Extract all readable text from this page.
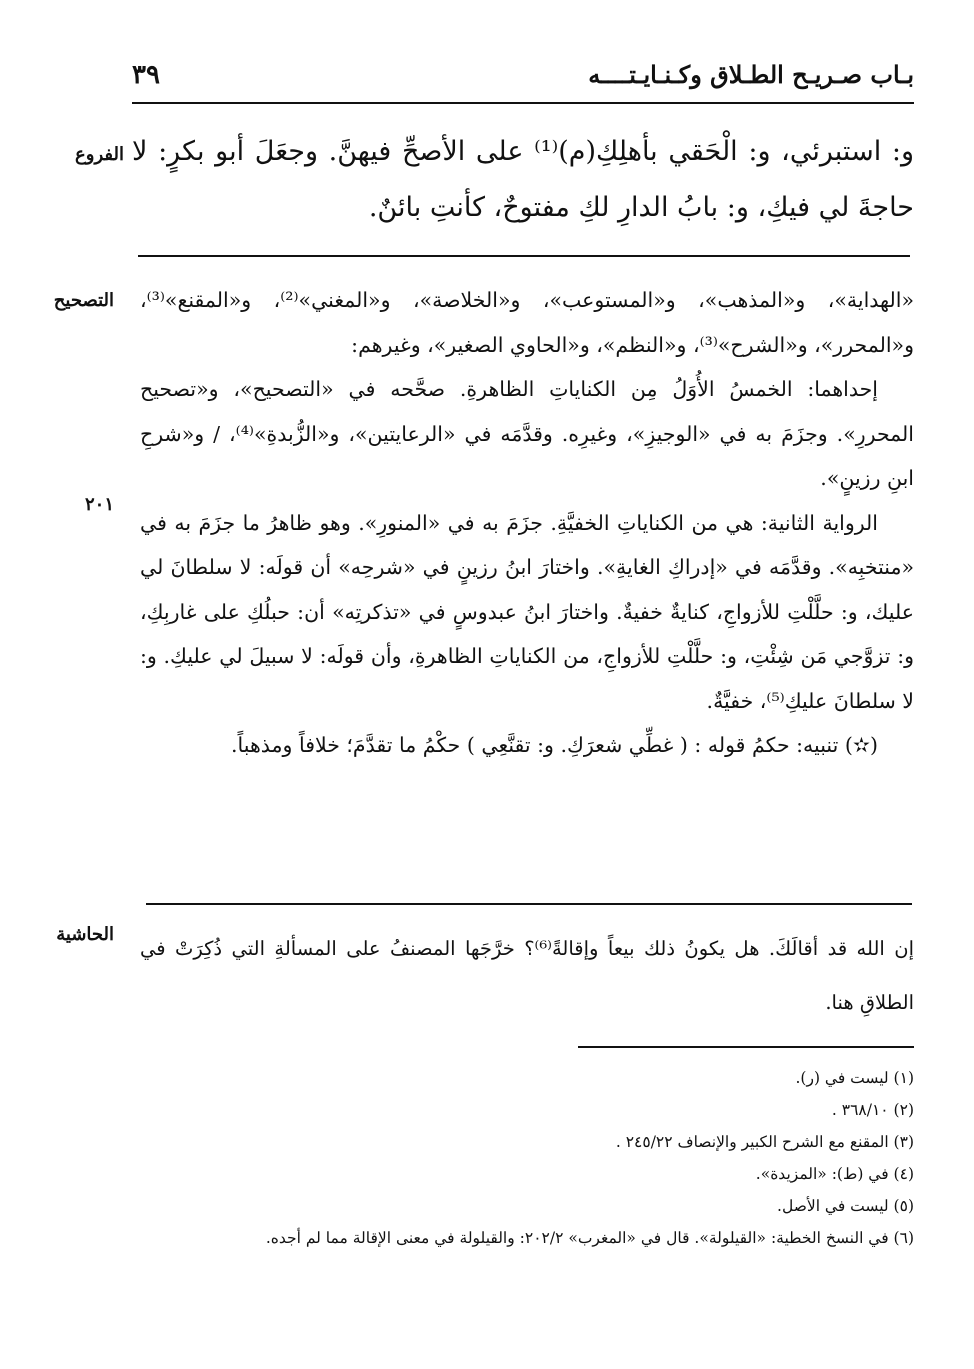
بـاب صـريـح الطـلاق وكـنـايـتــــه
٣٩
الفروع و: استبرئي، و: الْحَقي بأهلِكِ(م)⁽¹⁾ على الأصحِّ فيهنَّ. وجعَلَ أبو بكرٍ: لا حاجةَ لي فيكِ، و: بابُ الدارِ لكِ مفتوحٌ، كأنتِ بائنٌ.

التصحيح
٢٠١

«الهداية»، و«المذهب»، و«المستوعب»، و«الخلاصة»، و«المغني»⁽²⁾، و«المقنع»⁽³⁾، و«المحرر»، و«الشرح»⁽³⁾، و«النظم»، و«الحاوي الصغير»، وغيرهم:

إحداهما: الخمسُ الأُوَلُ مِن الكناياتِ الظاهرةِ. صحَّحه في «التصحيح»، و«تصحيح المحررِ». وجزَمَ به في «الوجيزِ»، وغيرِه. وقدَّمَه في «الرعايتين»، و«الزُّبدةِ»⁽⁴⁾، / و«شرحِ ابنِ رزينٍ».

الرواية الثانية: هي من الكناياتِ الخفيَّةِ. جزَمَ به في «المنورِ». وهو ظاهرُ ما جزَمَ به في «منتخبِه». وقدَّمَه في «إدراكِ الغايةِ». واختارَ ابنُ رزينٍ في «شرحِه» أن قولَه: لا سلطانَ لي عليك، و: حلَّلْتِ للأزواجِ، كنايةٌ خفيةٌ. واختارَ ابنُ عبدوسٍ في «تذكرتِه» أن: حبلُكِ على غاربِكِ، و: تزوَّجي مَن شِئْتِ، و: حلَّلْتِ للأزواجِ، من الكناياتِ الظاهرةِ، وأن قولَه: لا سبيلَ لي عليكِ. و: لا سلطانَ عليكِ⁽⁵⁾، خفيَّةٌ.

(✫) تنبيه: حكمُ قوله : ( غطِّي شعرَكِ. و: تقنَّعِي ) حكْمُ ما تقدَّمَ؛ خلافاً ومذهباً.

الحاشية

إن الله قد أقالَكَ. هل يكونُ ذلك بيعاً وإقالةً⁽⁶⁾؟ خرَّجَها المصنفُ على المسألةِ التي ذُكِرَتْ في الطلاقِ هنا.

(١) ليست في (ر).

(٢) ٣٦٨/١٠ .

(٣) المقنع مع الشرح الكبير والإنصاف ٢٤٥/٢٢ .

(٤) في (ط): «المزيدة».

(٥) ليست في الأصل.

(٦) في النسخ الخطية: «القيلولة». قال في «المغرب» ٢٠٢/٢: والقيلولة في معنى الإقالة مما لم أجده.
